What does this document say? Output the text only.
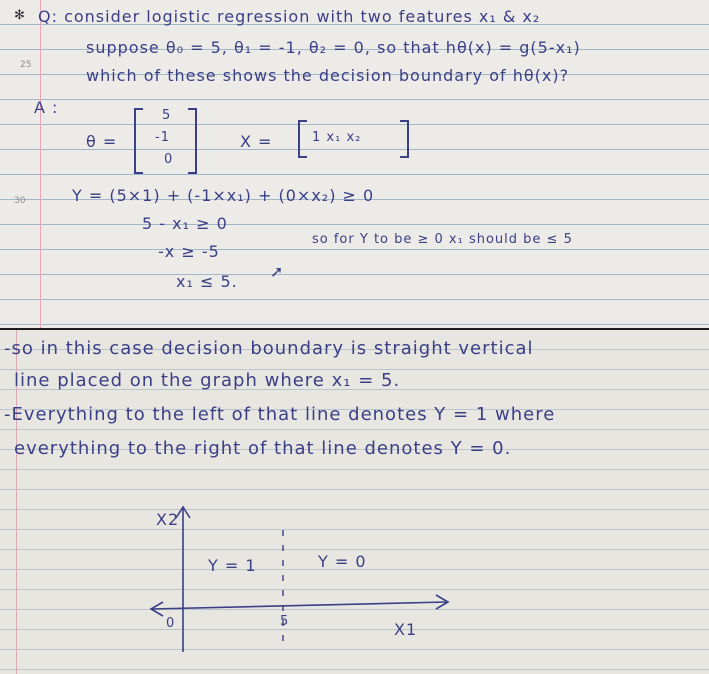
25
30
✻ Q: consider logistic regression with two features x₁ & x₂
suppose θ₀ = 5, θ₁ = -1, θ₂ = 0, so that hθ(x) = g(5-x₁)
which of these shows the decision boundary of hθ(x)?
A :
θ =
5
-1
0
X =	1 x₁ x₂
Y = (5×1) + (-1×x₁) + (0×x₂) ≥ 0
5 - x₁ ≥ 0
-x ≥ -5
so for Y to be ≥ 0 x₁ should be ≤ 5
x₁ ≤ 5.
➚
-so in this case decision boundary is straight vertical
line placed on the graph where x₁ = 5.
-Everything to the left of that line denotes Y = 1 where
everything to the right of that line denotes Y = 0.
X2
Y = 1	Y = 0
0	5	X1
